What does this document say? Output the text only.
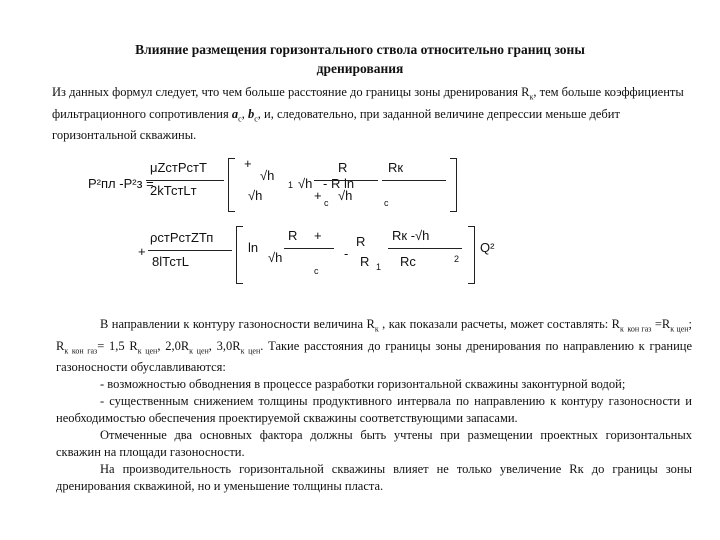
Влияние размещения горизонтального ствола относительно границ зоны
дренирования
Из данных формул следует, что чем больше расстояние до границы зоны дренирования $R_к$, тем больше коэффициенты фильтрационного сопротивления $a_с$, $b_с$, и, следовательно, при заданной величине депрессии меньше дебит горизонтальной скважины.
P²пл -P²з =
μZстPстТ
2kТстLт
+
√h
√h
1 √h - R ln
R
+ c √h
Rк
c
+
ρстРстZТп
8lТстL
ln
√h
R +
c
-
R
R 1
Rк -√h
Rc	2
Q²

В направлении к контуру газоносности величина $R_к$ , как показали расчеты, может составлять: $R_к$ $_{кон газ} =R_{к цен}$; $R_{к кон газ}= 1,5$ $R_{к цен}$, $2,0R_{к цен}$, $3,0R_{к цен}$. Такие расстояния до границы зоны дренирования по направлению к границе газоносности обуславливаются:

- возможностью обводнения в процессе разработки горизонтальной скважины законтурной водой;

- существенным снижением толщины продуктивного интервала по направлению к контуру газоносности и необходимостью обеспечения проектируемой скважины соответствующими запасами.

Отмеченные два основных фактора должны быть учтены при размещении проектных горизонтальных скважин на площади газоносности.

На производительность горизонтальной скважины влияет не только увеличение Rк до границы зоны дренирования скважиной, но и уменьшение толщины пласта.
